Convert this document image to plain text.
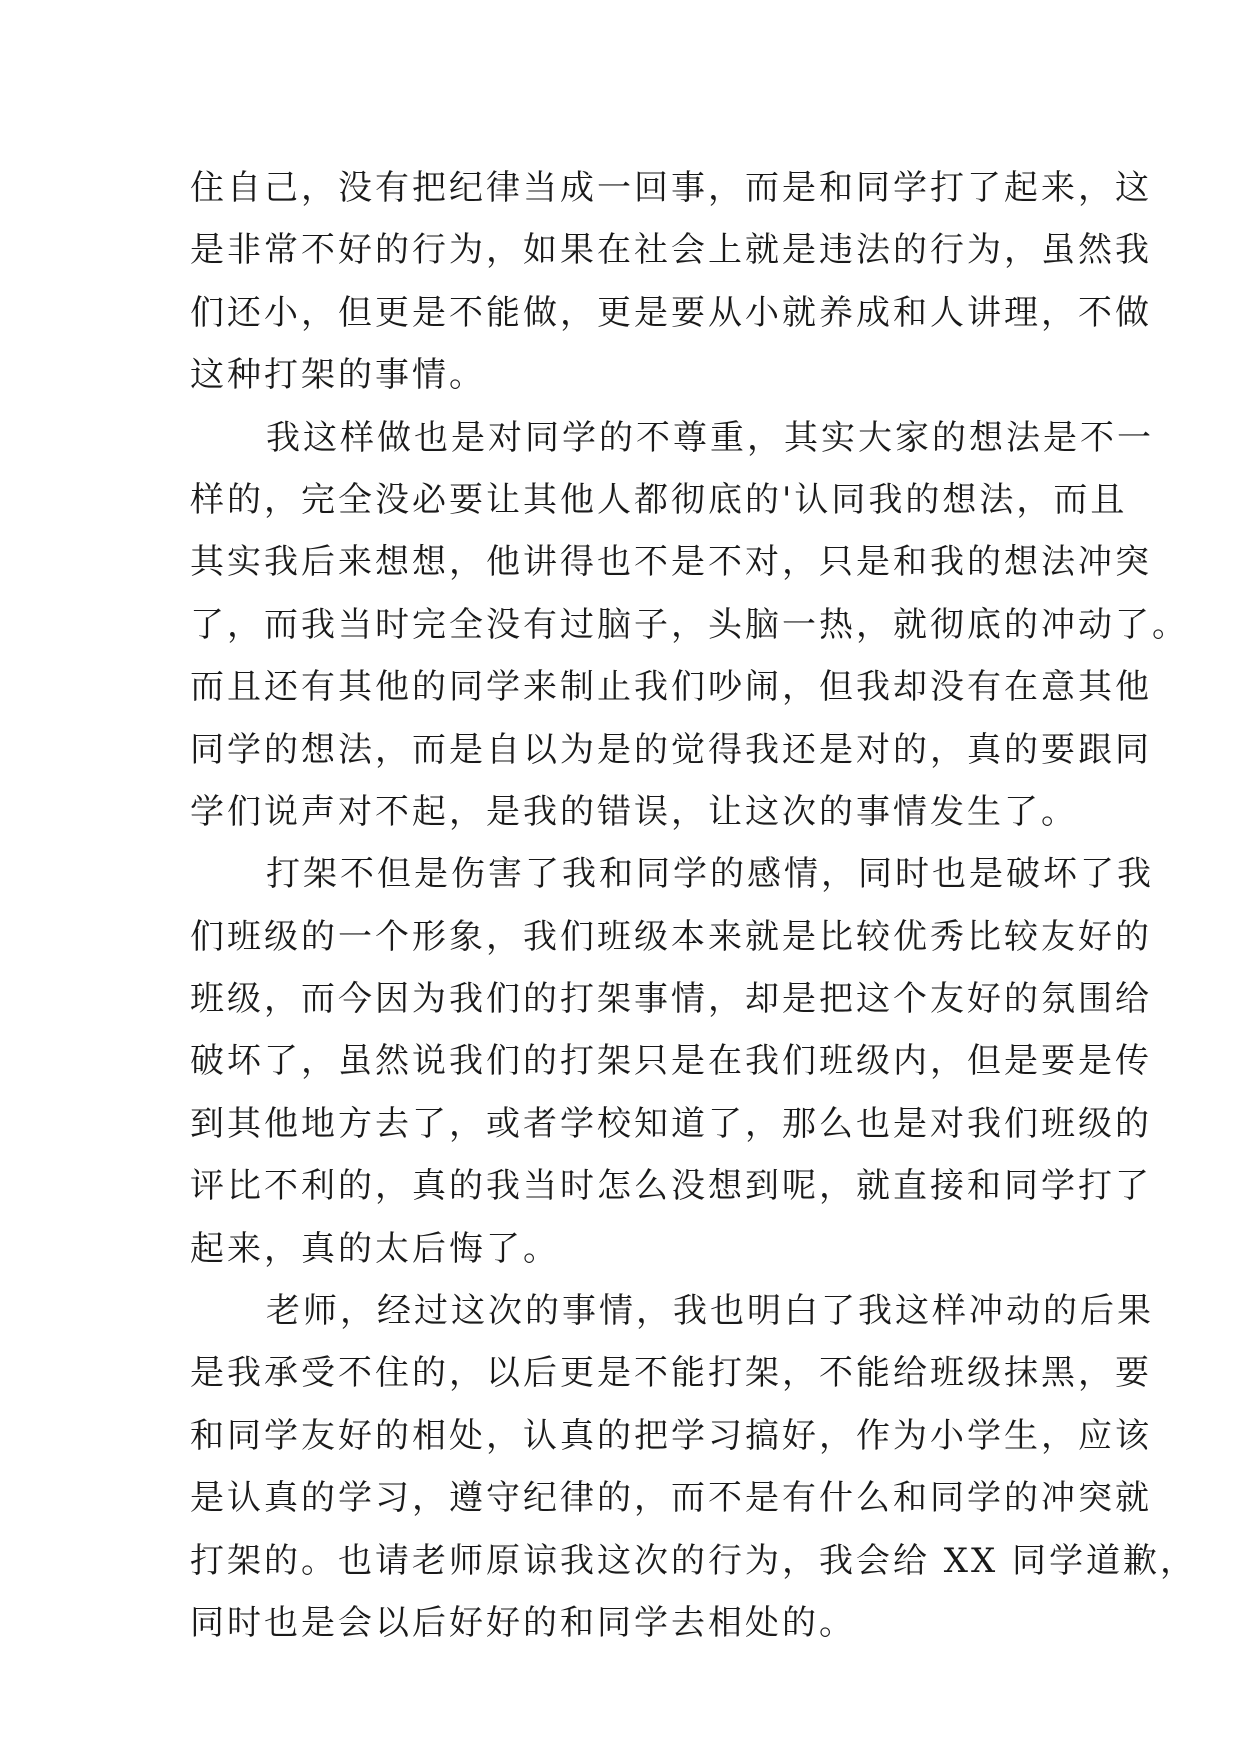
住自己，没有把纪律当成一回事，而是和同学打了起来，这
是非常不好的行为，如果在社会上就是违法的行为，虽然我
们还小，但更是不能做，更是要从小就养成和人讲理，不做
这种打架的事情。
我这样做也是对同学的不尊重，其实大家的想法是不一
样的，完全没必要让其他人都彻底的'认同我的想法，而且
其实我后来想想，他讲得也不是不对，只是和我的想法冲突
了，而我当时完全没有过脑子，头脑一热，就彻底的冲动了。
而且还有其他的同学来制止我们吵闹，但我却没有在意其他
同学的想法，而是自以为是的觉得我还是对的，真的要跟同
学们说声对不起，是我的错误，让这次的事情发生了。
打架不但是伤害了我和同学的感情，同时也是破坏了我
们班级的一个形象，我们班级本来就是比较优秀比较友好的
班级，而今因为我们的打架事情，却是把这个友好的氛围给
破坏了，虽然说我们的打架只是在我们班级内，但是要是传
到其他地方去了，或者学校知道了，那么也是对我们班级的
评比不利的，真的我当时怎么没想到呢，就直接和同学打了
起来，真的太后悔了。
老师，经过这次的事情，我也明白了我这样冲动的后果
是我承受不住的，以后更是不能打架，不能给班级抹黑，要
和同学友好的相处，认真的把学习搞好，作为小学生，应该
是认真的学习，遵守纪律的，而不是有什么和同学的冲突就
打架的。也请老师原谅我这次的行为，我会给 XX 同学道歉，
同时也是会以后好好的和同学去相处的。
